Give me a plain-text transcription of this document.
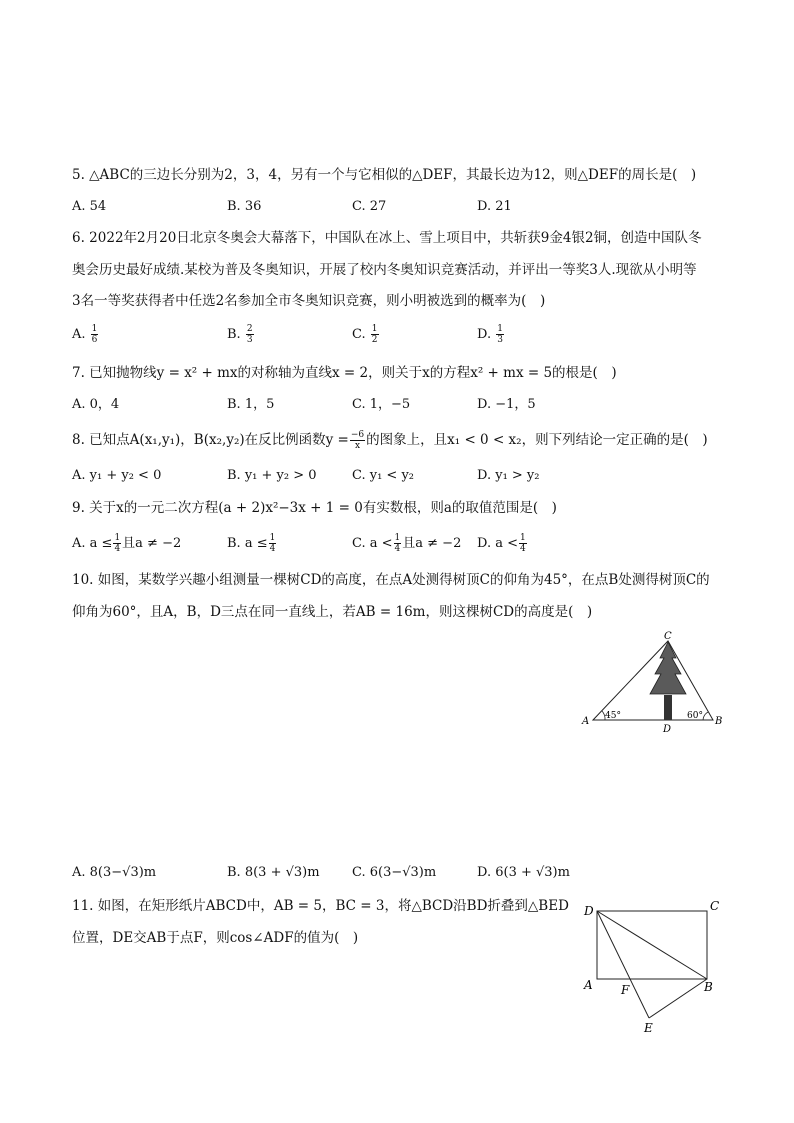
5. △ABC的三边长分别为2，3，4，另有一个与它相似的△DEF，其最长边为12，则△DEF的周长是(　)
A. 54	B. 36	C. 27	D. 21
6. 2022年2月20日北京冬奥会大幕落下，中国队在冰上、雪上项目中，共斩获9金4银2铜，创造中国队冬
奥会历史最好成绩.某校为普及冬奥知识，开展了校内冬奥知识竞赛活动，并评出一等奖3人.现欲从小明等
3名一等奖获得者中任选2名参加全市冬奥知识竞赛，则小明被选到的概率为(　)
A. $\frac{1}{6}$	B. $\frac{2}{3}$	C. $\frac{1}{2}$	D. $\frac{1}{3}$
7. 已知抛物线y = x² + mx的对称轴为直线x = 2，则关于x的方程x² + mx = 5的根是(　)
A. 0，4	B. 1，5	C. 1，−5	D. −1，5
8. 已知点A(x₁,y₁)，B(x₂,y₂)在反比例函数$y = \frac{-6}{x}$ 的图象上，且x₁ < 0 < x₂，则下列结论一定正确的是(　)
A. y₁ + y₂ < 0	B. y₁ + y₂ > 0	C. y₁ < y₂	D. y₁ > y₂
9. 关于x的一元二次方程(a + 2)x²−3x + 1 = 0有实数根，则a的取值范围是(　)
A. $a \le \frac{1}{4}$ 且a ≠ −2	B. $a \le \frac{1}{4}$	C. $a < \frac{1}{4}$ 且a ≠ −2 D. $a < \frac{1}{4}$
10. 如图，某数学兴趣小组测量一棵树CD的高度，在点A处测得树顶C的仰角为45°，在点B处测得树顶C的
仰角为60°，且A，B，D三点在同一直线上，若AB = 16m，则这棵树CD的高度是(　)
C
A
D
B
45°	60°
A. 8(3−√3)m	B. 8(3 + √3)m C. 6(3−√3)m	D. 6(3 + √3)m
11. 如图，在矩形纸片ABCD中，AB = 5，BC = 3，将△BCD沿BD折叠到△BED
位置，DE交AB于点F，则cos∠ADF的值为(　)
D	C
A F	B
E
